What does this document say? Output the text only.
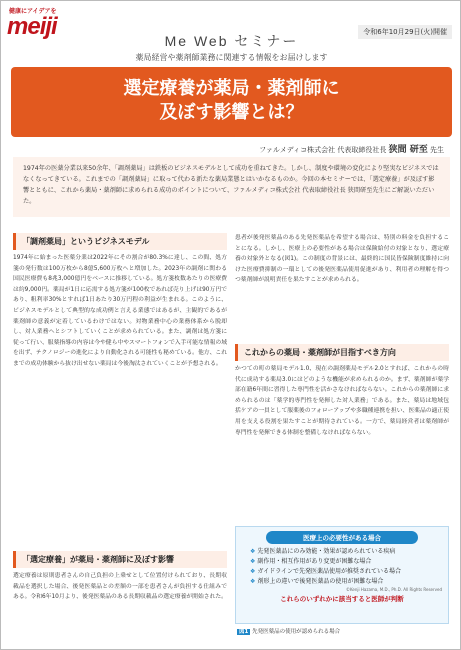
健康にアイデアを
meiji	令和6年10月29日(火)開催
Me Web セミナー
薬局経営や薬剤師業務に関連する情報をお届けします
選定療養が薬局・薬剤師に
及ぼす影響とは？
ファルメディコ株式会社 代表取締役社長 狭間 研至 先生
1974年の医薬分業以来50余年、「調剤薬局」は鉄板のビジネスモデルとして成功を重ねてきた。しかし、制度や環境の変化により堅実なビジネスではなくなってきている。これまでの「調剤薬局」に取って代わる新たな薬局業態とはいかなるものか。今回の本セミナーでは、「選定療養」が及ぼす影響とともに、これから薬局・薬剤師に求められる成功のポイントについて、ファルメディコ株式会社 代表取締役社長 狭間研至先生にご解説いただいた。
「調剤薬局」というビジネスモデル
1974年に始まった医薬分業は2022年にその割合が80.3%に達し、この間、処方箋の発行数は100万枚から8億5,600万枚へと増加した。2023年の調剤に関わる国民医療費も8兆3,000億円をベースに推移している。処方箋枚数あたりの医療費は約9,000円。薬局が1日に応需する処方箋が100枚であれば売り上げは90万円であり、粗利率30%とすれば1日あたり30万円程の利益が生まれる。このように、ビジネスモデルとして典型的な成功例と言える業態ではあるが、主観的であるが薬剤師の意義が定着しているわけではない。対物業務中心の業務体系から脱却し、対人業務へとシフトしていくことが求められている。また、調剤は処方箋に従って行い、服薬指導の内容は今や健ら中やスマートフォンで入手可能な情報の域を出ず、テクノロジーの進化により自動化される可能性も秘めている。他方、これまでの成功体験から抜け出せない薬局は今後淘汰されていくことが予想される。
「選定療養」が薬局・薬剤師に及ぼす影響
選定療養は原則患者さんの自己負担の上乗せとして位置付けられており、長期収載品を選択した場合、後発医薬品との差額の一部を患者さんが負担する仕組みである。令和6年10月より、後発医薬品のある長期収載品の選定療養が開始された。
患者が後発医薬品のある先発医薬品を希望する場合は、特別の料金を負担することになる。しかし、医療上の必要性がある場合は保険給付の対象となり、選定療養の対象外となる(図1)。この制度の背景には、最終的に国民皆保険制度維持に向けた医療費抑制の一環としての後発医薬品使用促進があり、利用者の理解を得つつ薬剤師が説明責任を果たすことが求められる。
これからの薬局・薬剤師が目指すべき方向
かつての町の薬局モデル1.0、現在の調剤薬局モデル2.0とすれば、これからの時代に成功する薬局3.0にはどのような機能が求められるのか。まず、薬剤師が薬学部在籍6年間に習得した専門性を活かさなければならない。これからの薬剤師に求められるのは「薬学的専門性を発揮した対人業務」である。また、薬局は地域包括ケアの一員として服薬後のフォローアップや多職種連携を担い、医薬品の適正使用を支える役割を果たすことが期待されている。一方で、薬局経営者は薬剤師が専門性を発揮できる体制を整備しなければならない。
医療上の必要性がある場合
❖ 先発医薬品にのみ効能・効果が認められている疾病
❖ 副作用・相互作用があり変更が困難な場合
❖ ガイドラインで先発医薬品使用が推奨されている場合
❖ 剤形上の違いで後発医薬品の使用が困難な場合
©Kenji Hazama, M.D., Ph.D. All Rights Reserved
これらのいずれかに該当すると医師が判断
図1 先発医薬品の使用が認められる場合
